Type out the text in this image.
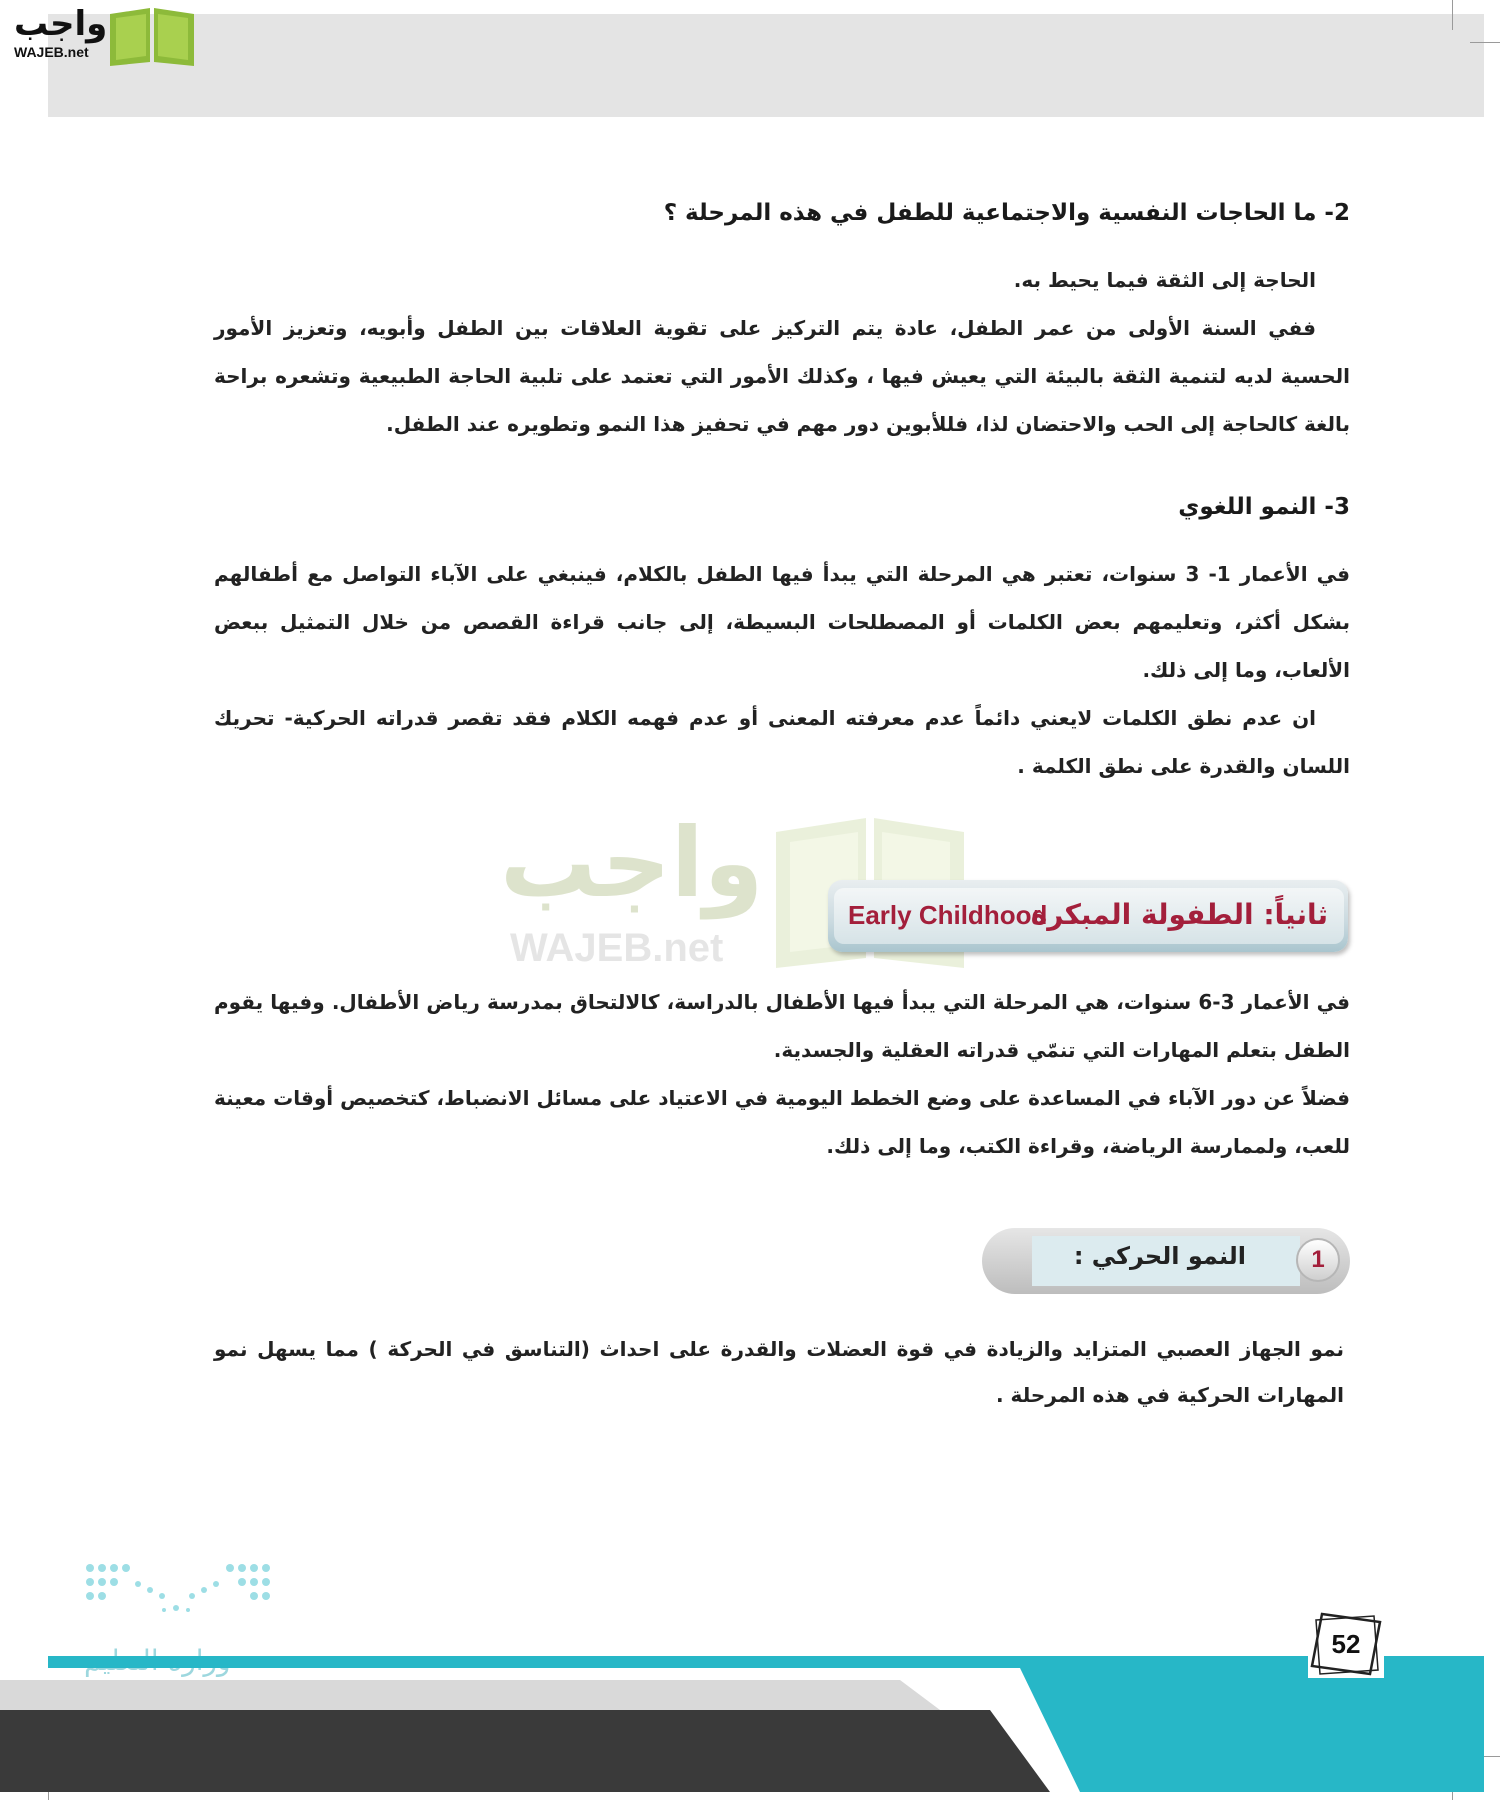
واجب
WAJEB.net
2- ما الحاجات النفسية والاجتماعية للطفل في هذه المرحلة ؟

الحاجة إلى الثقة فيما يحيط به.

ففي السنة الأولى من عمر الطفل، عادة يتم التركيز على تقوية العلاقات بين الطفل وأبويه، وتعزيز الأمور الحسية لديه لتنمية الثقة بالبيئة التي يعيش فيها ، وكذلك الأمور التي تعتمد على تلبية الحاجة الطبيعية وتشعره براحة بالغة كالحاجة إلى الحب والاحتضان لذا، فللأبوين دور مهم في تحفيز هذا النمو وتطويره عند الطفل.

3- النمو اللغوي

في الأعمار 1- 3 سنوات، تعتبر هي المرحلة التي يبدأ فيها الطفل بالكلام، فينبغي على الآباء التواصل مع أطفالهم بشكل أكثر، وتعليمهم بعض الكلمات أو المصطلحات البسيطة، إلى جانب قراءة القصص من خلال التمثيل ببعض الألعاب، وما إلى ذلك.

ان عدم نطق الكلمات لايعني دائماً عدم معرفته المعنى أو عدم فهمه الكلام فقد تقصر قدراته الحركية- تحريك اللسان والقدرة على نطق الكلمة .

واجب
WAJEB.net
ثانياً: الطفولة المبكرة
Early Childhood

في الأعمار 3-6 سنوات، هي المرحلة التي يبدأ فيها الأطفال بالدراسة، كالالتحاق بمدرسة رياض الأطفال. وفيها يقوم الطفل بتعلم المهارات التي تنمّي قدراته العقلية والجسدية.

فضلاً عن دور الآباء في المساعدة على وضع الخطط اليومية في الاعتياد على مسائل الانضباط، كتخصيص أوقات معينة للعب، ولممارسة الرياضة، وقراءة الكتب، وما إلى ذلك.

النمو الحركي :	1

نمو الجهاز العصبي المتزايد والزيادة في قوة العضلات والقدرة على احداث (التناسق في الحركة ) مما يسهل نمو المهارات الحركية في هذه المرحلة .

52
